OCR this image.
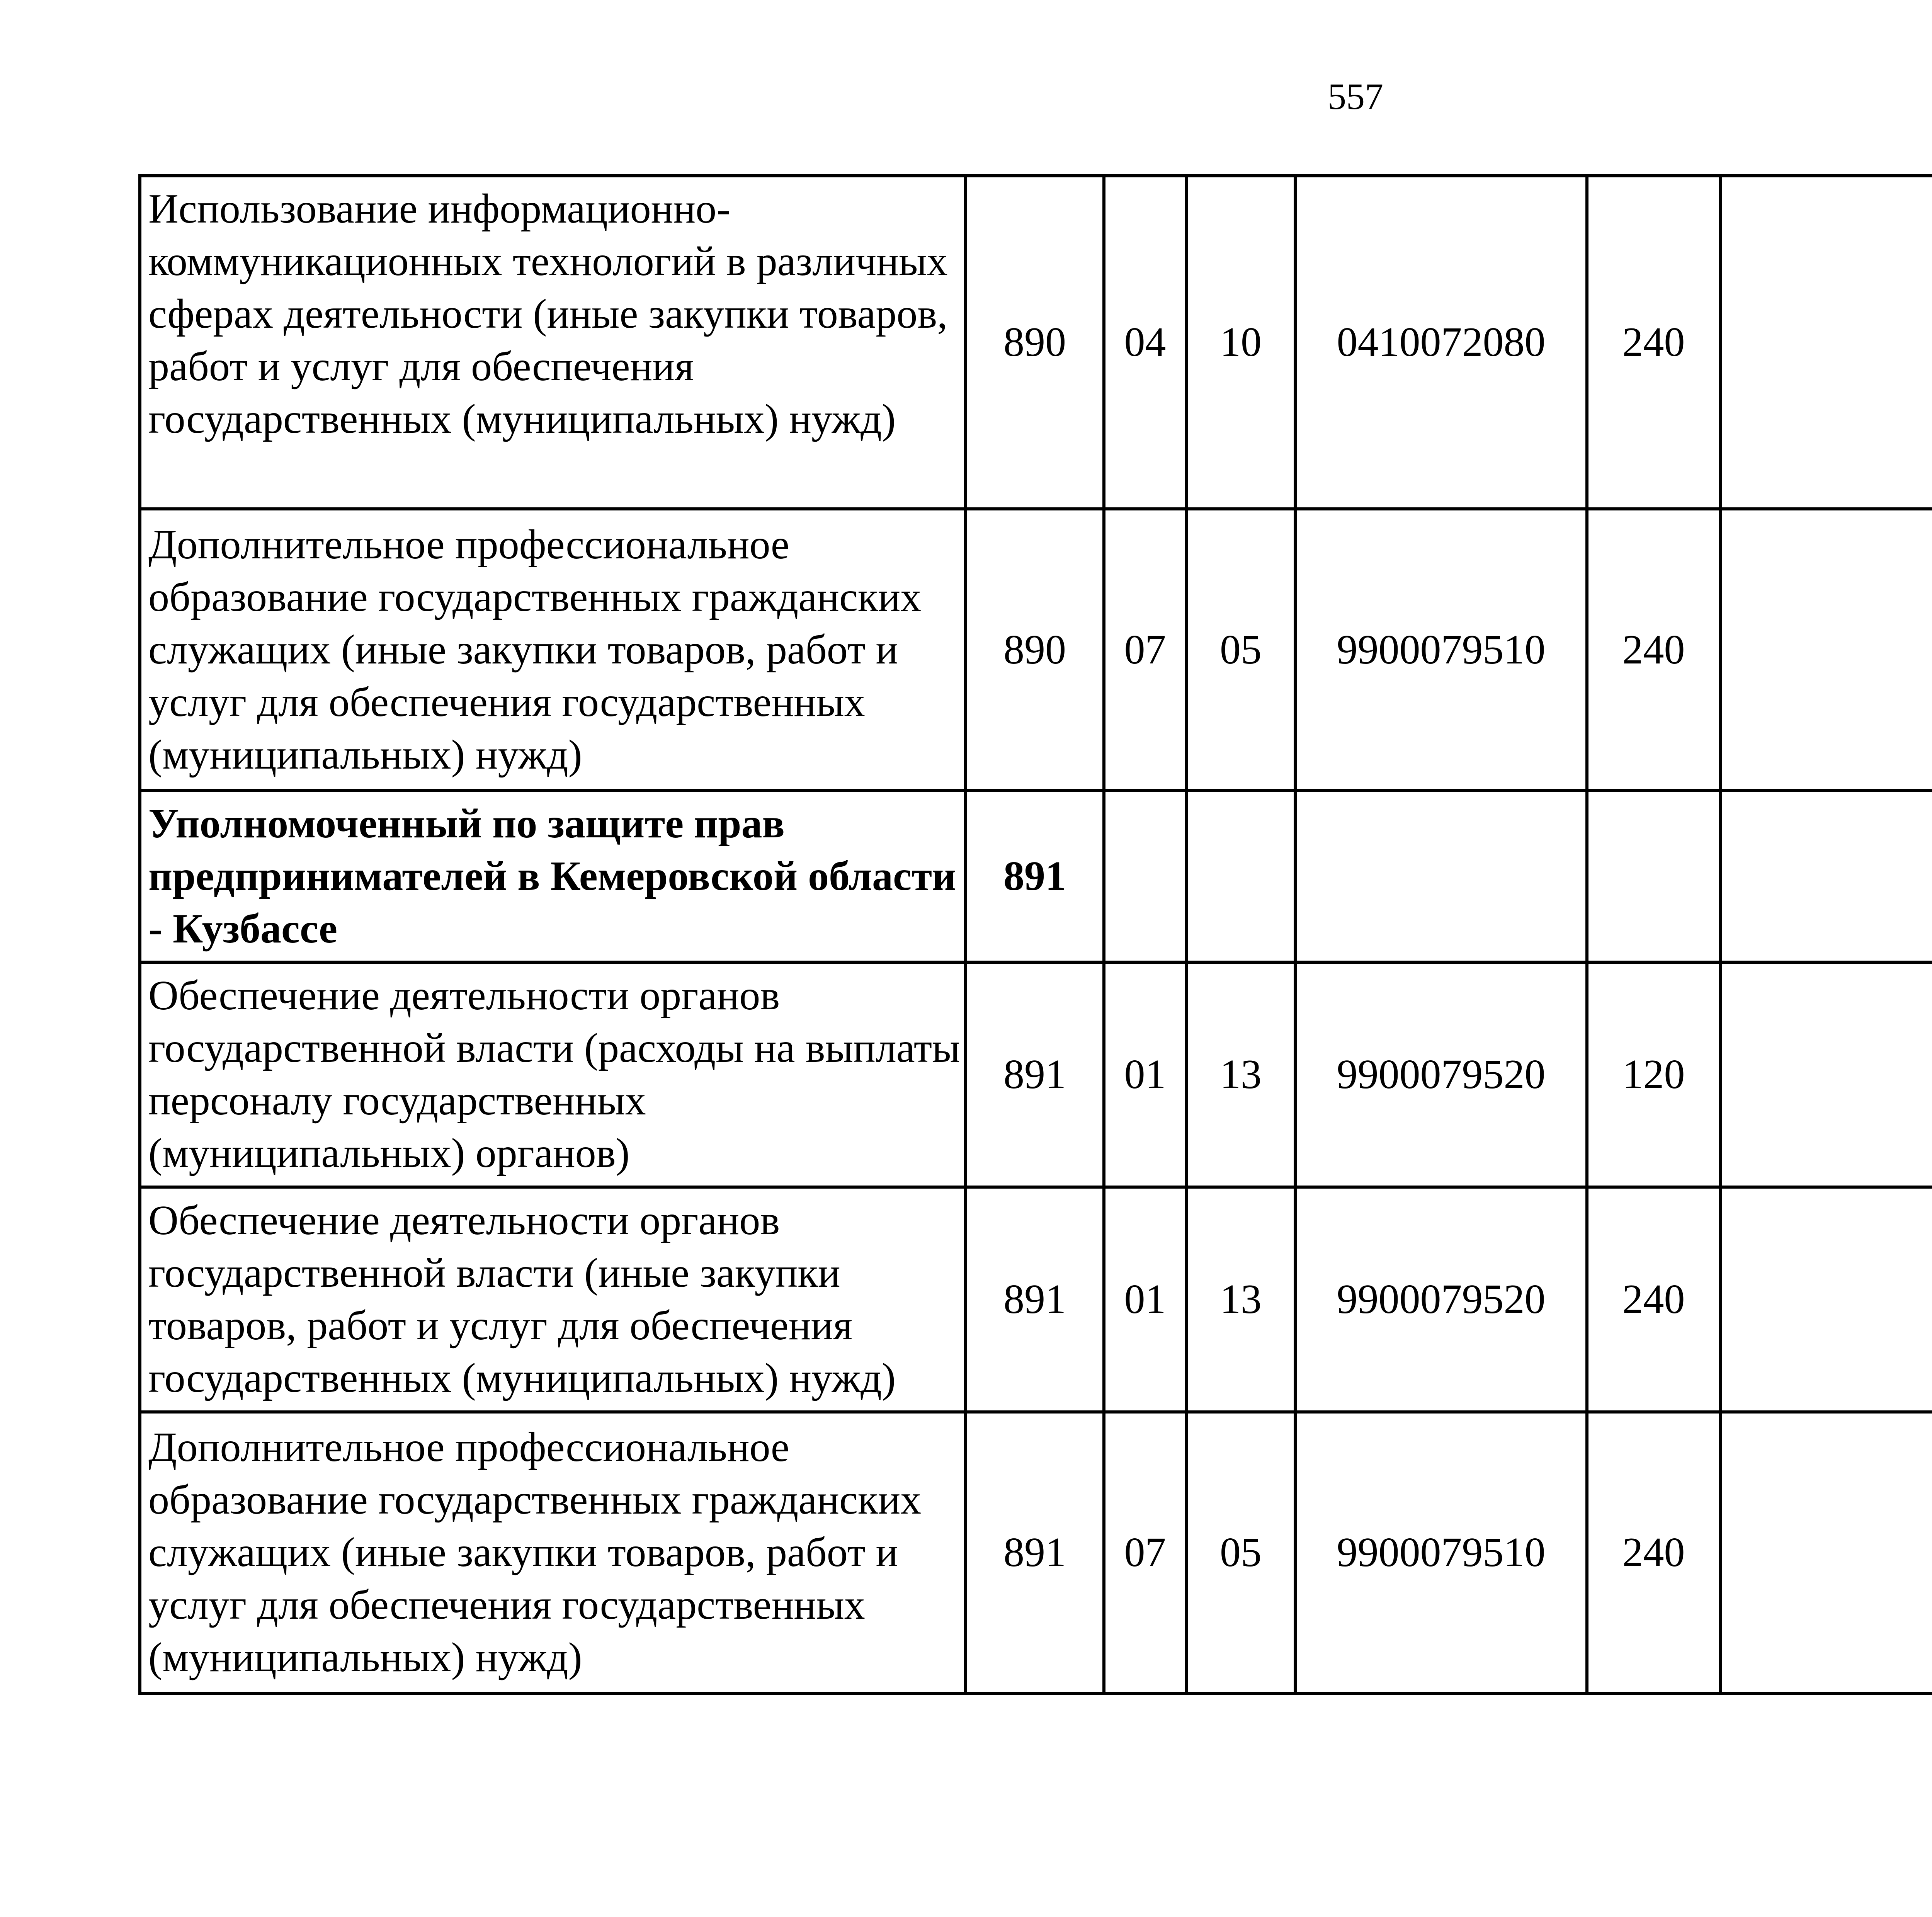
557
Использование информационно-коммуникационных технологий в различных сферах деятельности (иные закупки товаров, работ и услуг для обеспечения государственных (муниципальных) нужд)	890	04	10	0410072080	240			
Дополнительное профессиональное образование государственных гражданских служащих (иные закупки товаров, работ и услуг для обеспечения государственных (муниципальных) нужд)	890	07	05	9900079510	240			
Уполномоченный по защите прав предпринимателей в Кемеровской области - Кузбассе	891							
Обеспечение деятельности органов государственной власти (расходы на выплаты персоналу государственных (муниципальных) органов)	891	01	13	9900079520	120			
Обеспечение деятельности органов государственной власти (иные закупки товаров, работ и услуг для обеспечения государственных (муниципальных) нужд)	891	01	13	9900079520	240			
Дополнительное профессиональное образование государственных гражданских служащих (иные закупки товаров, работ и услуг для обеспечения государственных (муниципальных) нужд)	891	07	05	9900079510	240			
